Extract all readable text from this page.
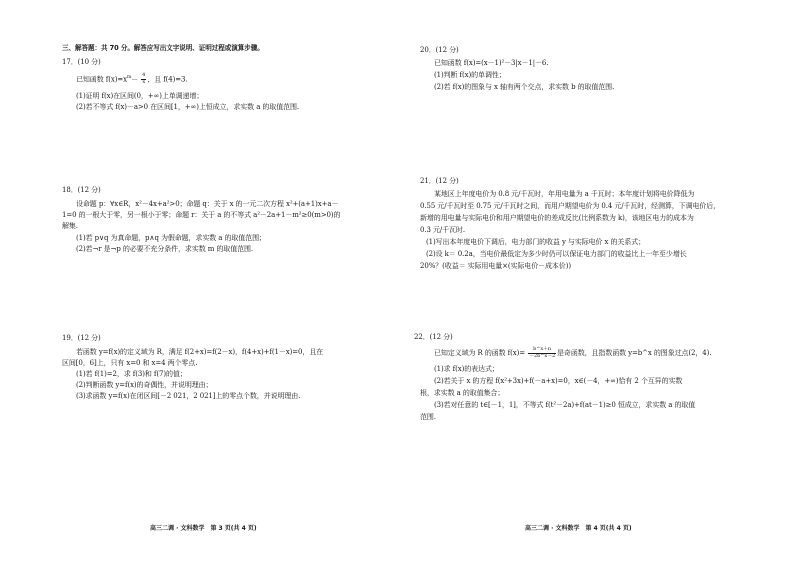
三、解答题：共 70 分。解答应写出文字说明、证明过程或演算步骤。
17．(10 分)
已知函数 $f(x)=x^m- \frac{4}{x}$ ，且 f(4)=3.
(1)证明 f(x)在区间(0，+∞)上单调递增；
(2)若不等式 f(x)－a>0 在区间[1，+∞)上恒成立，求实数 a 的取值范围.
18．(12 分)
设命题 p：∀x∈R，x²－4x+a²>0；命题 q：关于 x 的一元二次方程 x²+(a+1)x+a－
1=0 的一根大于零，另一根小于零；命题 r：关于 a 的不等式 a²－2a+1－m²≥0(m>0)的
解集.
(1)若 p∨q 为真命题，p∧q 为假命题，求实数 a 的取值范围；
(2)若¬r 是¬p 的必要不充分条件，求实数 m 的取值范围.
19．(12 分)
若函数 y=f(x)的定义域为 R，满足 f(2+x)=f(2－x)，f(4+x)+f(1－x)=0，且在
区间[0，6]上，只有 x=0 和 x=4 两个零点.
(1)若 f(1)=2，求 f(3)和 f(7)的值；
(2)判断函数 y=f(x)的奇偶性，并说明理由；
(3)求函数 y=f(x)在闭区间[－2 021，2 021]上的零点个数，并说明理由.
高三二调 · 文科数学　第 3 页(共 4 页)
20．(12 分)
已知函数 f(x)=(x－1)²－3|x－1|－6.
(1)判断 f(x)的单调性；
(2)若 f(x)的图象与 x 轴有两个交点，求实数 b 的取值范围.
21．(12 分)
某地区上年度电价为 0.8 元/千瓦时，年用电量为 a 千瓦时；本年度计划将电价降低为
0.55 元/千瓦时至 0.75 元/千瓦时之间，而用户期望电价为 0.4 元/千瓦时，经测算，下调电价后，
新增的用电量与实际电价和用户期望电价的差成反比(比例系数为 k)，该地区电力的成本为
0.3 元/千瓦时.
(1)写出本年度电价下调后，电力部门的收益 y 与实际电价 x 的关系式；
(2)设 k＝ 0.2a，当电价最低定为多少时仍可以保证电力部门的收益比上一年至少增长
20%？(收益＝ 实际用电量×(实际电价－成本价))
22．(12 分)
已知定义域为 R 的函数 $f(x)= \frac{b\^{}x+n}{-2b\^{}x-2}$ 是奇函数，且指数函数 y=b^x 的图象过点(2，4).
(1)求 f(x)的表达式；
(2)若关于 x 的方程 f(x²+3x)+f(－a+x)=0，x∈(－4，+∞)恰有 2 个互异的实数
根，求实数 a 的取值集合；
(3)若对任意的 t∈[－1，1]，不等式 f(t²－2a)+f(at－1)≥0 恒成立，求实数 a 的取值
范围.
高三二调 · 文科数学　第 4 页(共 4 页)
